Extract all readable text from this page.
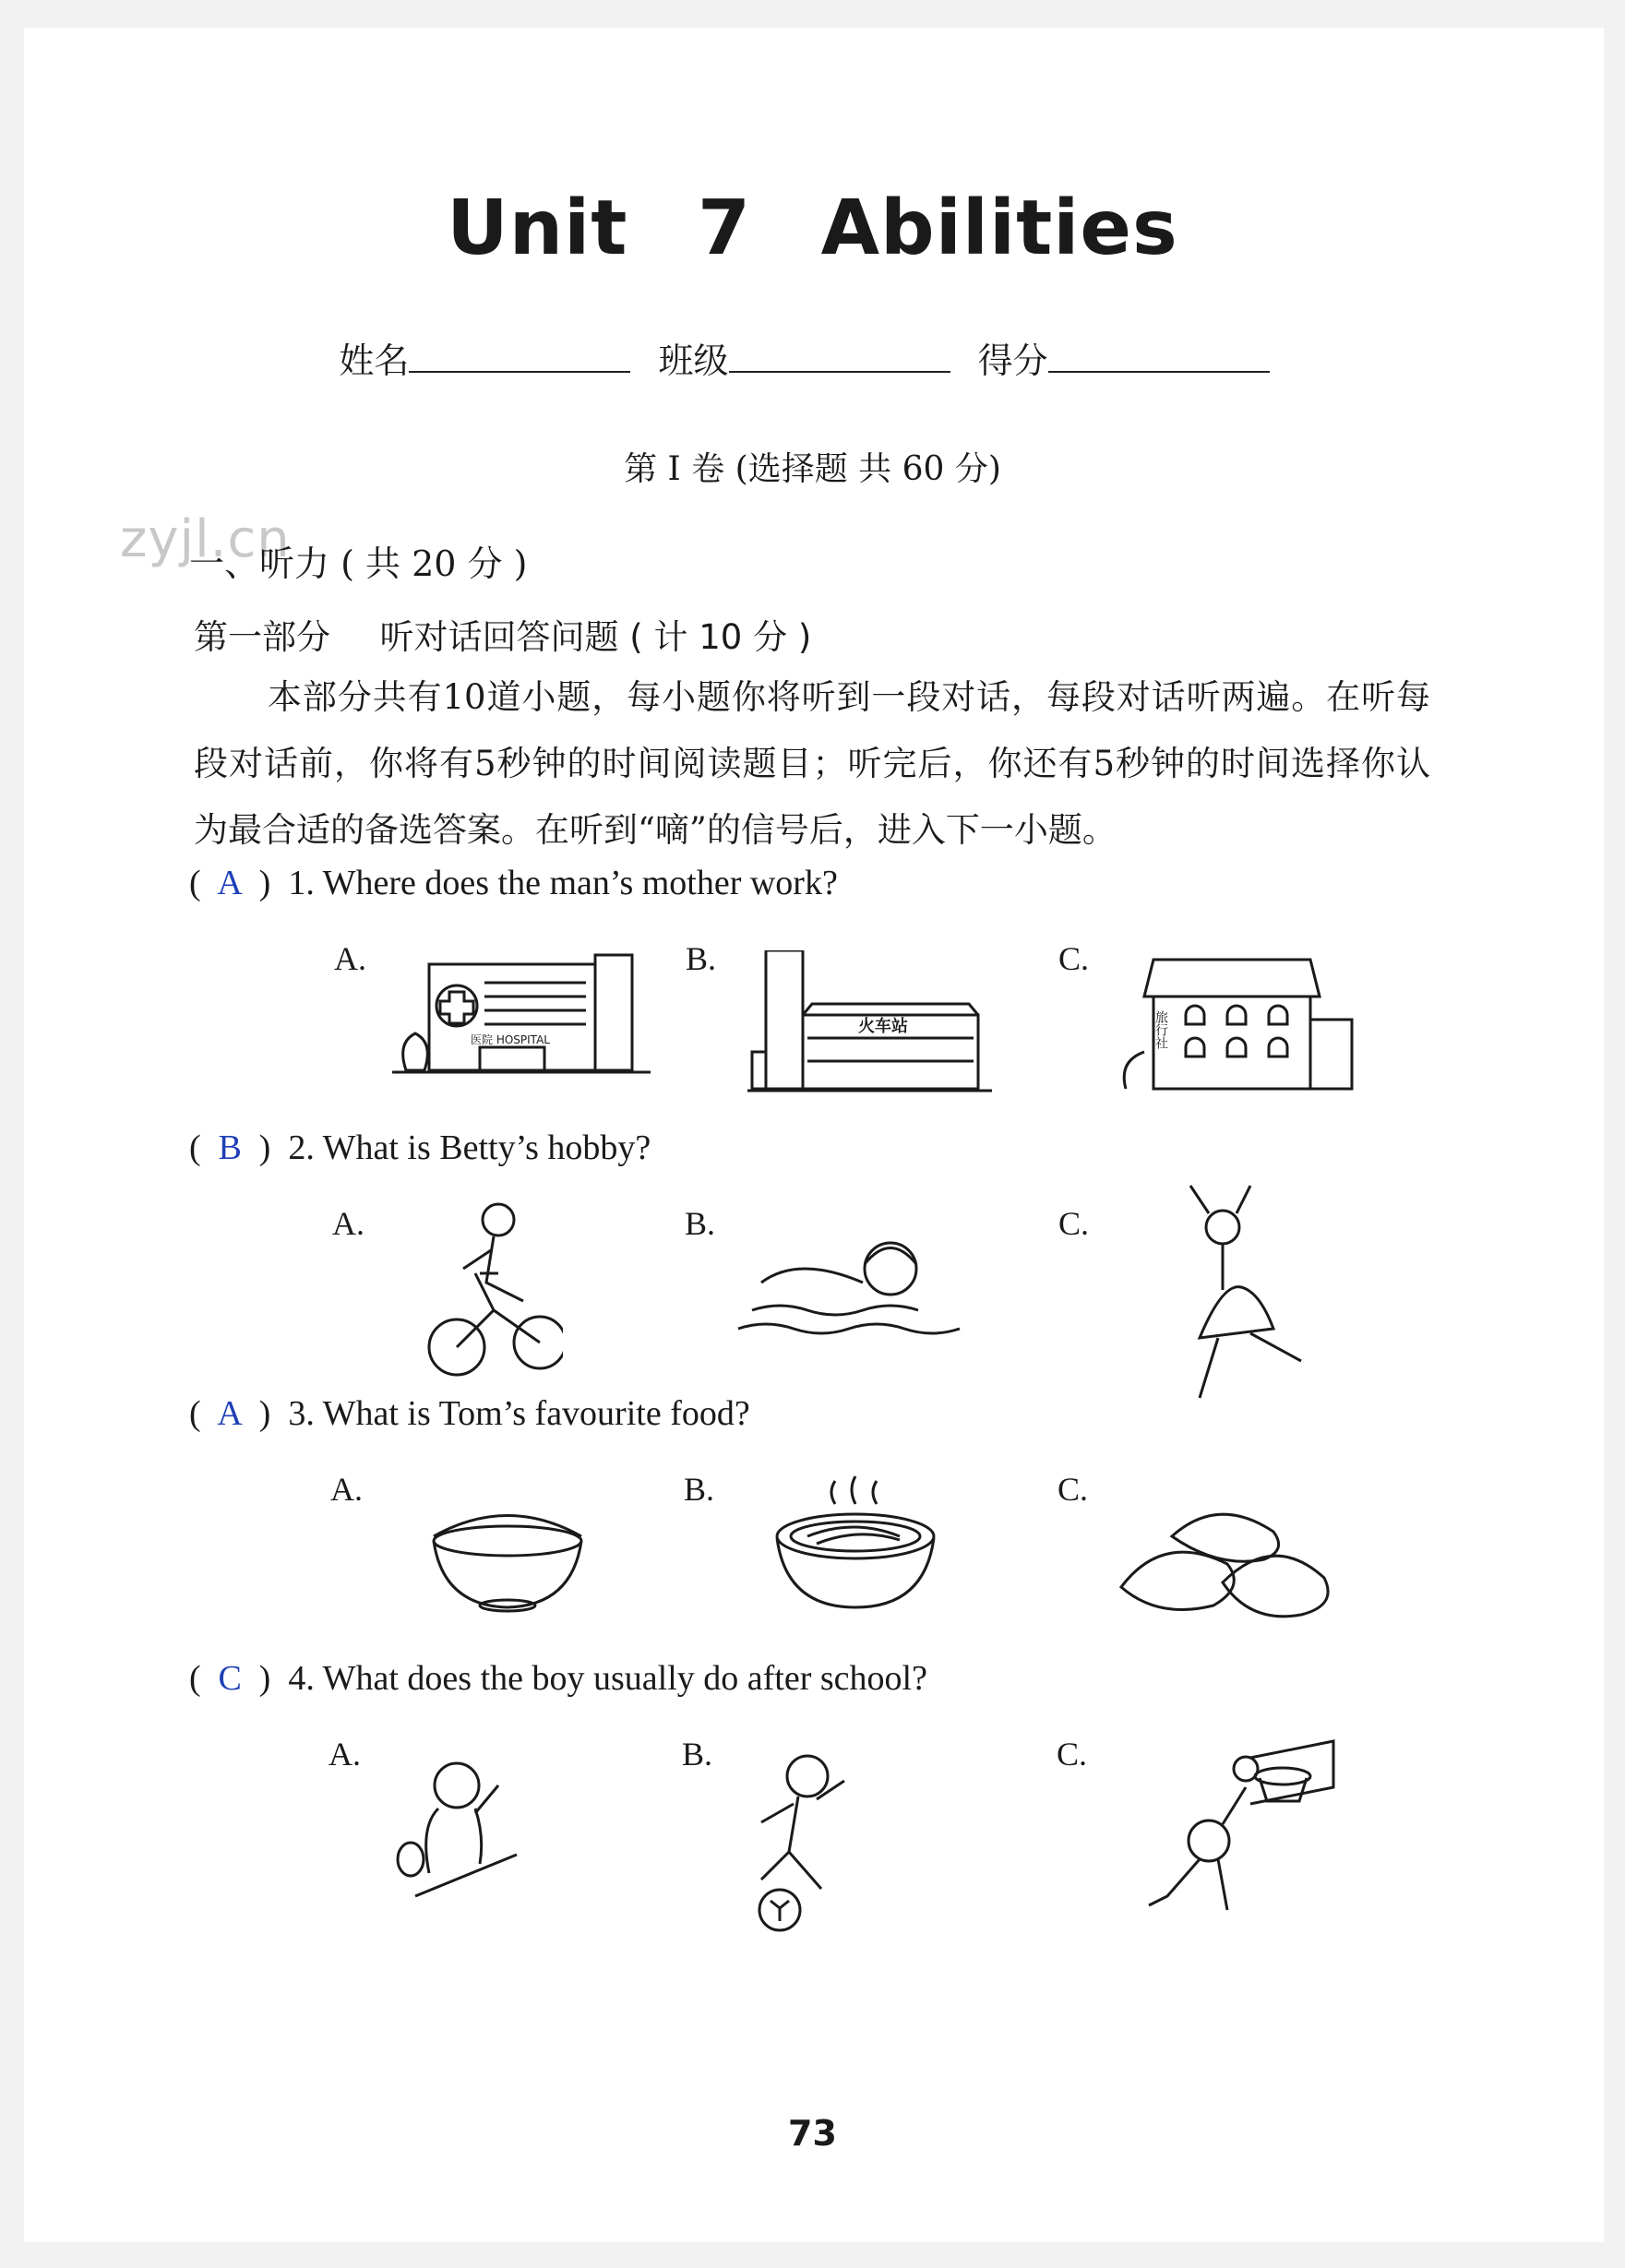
Unit 7 Abilities
姓名	班级	得分
第 I 卷 (选择题 共 60 分)
zyjl.cn
一、听力 ( 共 20 分 )
第一部分 听对话回答问题 ( 计 10 分 )
本部分共有10道小题，每小题你将听到一段对话，每段对话听两遍。在听每段对话前，你将有5秒钟的时间阅读题目；听完后，你还有5秒钟的时间选择你认为最合适的备选答案。在听到“嘀”的信号后，进入下一小题。
( A )  1. Where does the man’s mother work?
A.	B.	C.
医院 HOSPITAL
火车站	旅行社
( B )  2. What is Betty’s hobby?
A.	B.	C.
( A )  3. What is Tom’s favourite food?
A.	B.	C.
( C )  4. What does the boy usually do after school?
A.	B.	C.
73
